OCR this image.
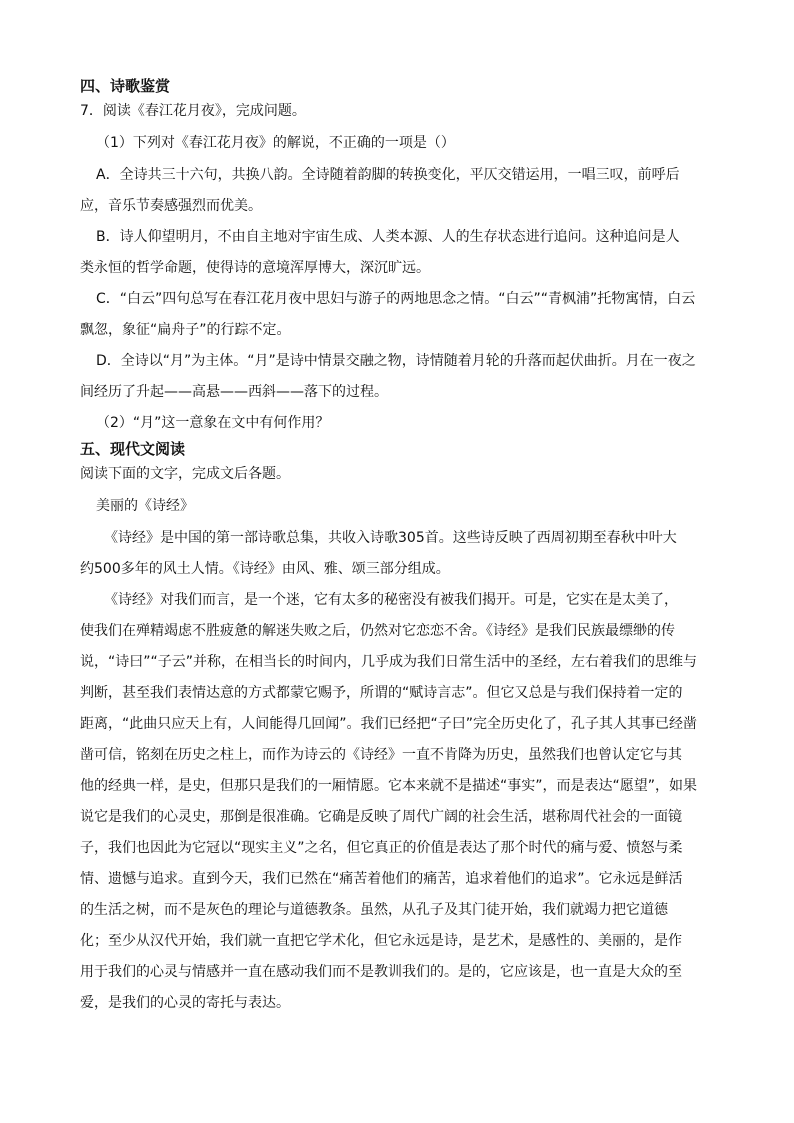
四、诗歌鉴赏
7．阅读《春江花月夜》，完成问题。
（1）下列对《春江花月夜》的解说，不正确的一项是（）
A．全诗共三十六句，共换八韵。全诗随着韵脚的转换变化，平仄交错运用，一唱三叹，前呼后
应，音乐节奏感强烈而优美。
B．诗人仰望明月，不由自主地对宇宙生成、人类本源、人的生存状态进行追问。这种追问是人
类永恒的哲学命题，使得诗的意境浑厚博大，深沉旷远。
C．“白云”四句总写在春江花月夜中思妇与游子的两地思念之情。“白云”“青枫浦”托物寓情，白云
飘忽，象征“扁舟子”的行踪不定。
D．全诗以“月”为主体。“月”是诗中情景交融之物，诗情随着月轮的升落而起伏曲折。月在一夜之
间经历了升起——高悬——西斜——落下的过程。
（2）“月”这一意象在文中有何作用？
五、现代文阅读
阅读下面的文字，完成文后各题。
美丽的《诗经》
《诗经》是中国的第一部诗歌总集，共收入诗歌305首。这些诗反映了西周初期至春秋中叶大
约500多年的风土人情。《诗经》由风、雅、颂三部分组成。
《诗经》对我们而言，是一个迷，它有太多的秘密没有被我们揭开。可是，它实在是太美了，
使我们在殚精竭虑不胜疲惫的解迷失败之后，仍然对它恋恋不舍。《诗经》是我们民族最缥缈的传
说，“诗曰”“子云”并称，在相当长的时间内，几乎成为我们日常生活中的圣经，左右着我们的思维与
判断，甚至我们表情达意的方式都蒙它赐予，所谓的“赋诗言志”。但它又总是与我们保持着一定的
距离，“此曲只应天上有，人间能得几回闻”。我们已经把“子曰”完全历史化了，孔子其人其事已经凿
凿可信，铭刻在历史之柱上，而作为诗云的《诗经》一直不肯降为历史，虽然我们也曾认定它与其
他的经典一样，是史，但那只是我们的一厢情愿。它本来就不是描述“事实”，而是表达“愿望”，如果
说它是我们的心灵史，那倒是很准确。它确是反映了周代广阔的社会生活，堪称周代社会的一面镜
子，我们也因此为它冠以“现实主义”之名，但它真正的价值是表达了那个时代的痛与爱、愤怒与柔
情、遗憾与追求。直到今天，我们已然在“痛苦着他们的痛苦，追求着他们的追求”。它永远是鲜活
的生活之树，而不是灰色的理论与道德教条。虽然，从孔子及其门徒开始，我们就竭力把它道德
化；至少从汉代开始，我们就一直把它学术化，但它永远是诗，是艺术，是感性的、美丽的，是作
用于我们的心灵与情感并一直在感动我们而不是教训我们的。是的，它应该是，也一直是大众的至
爱，是我们的心灵的寄托与表达。
